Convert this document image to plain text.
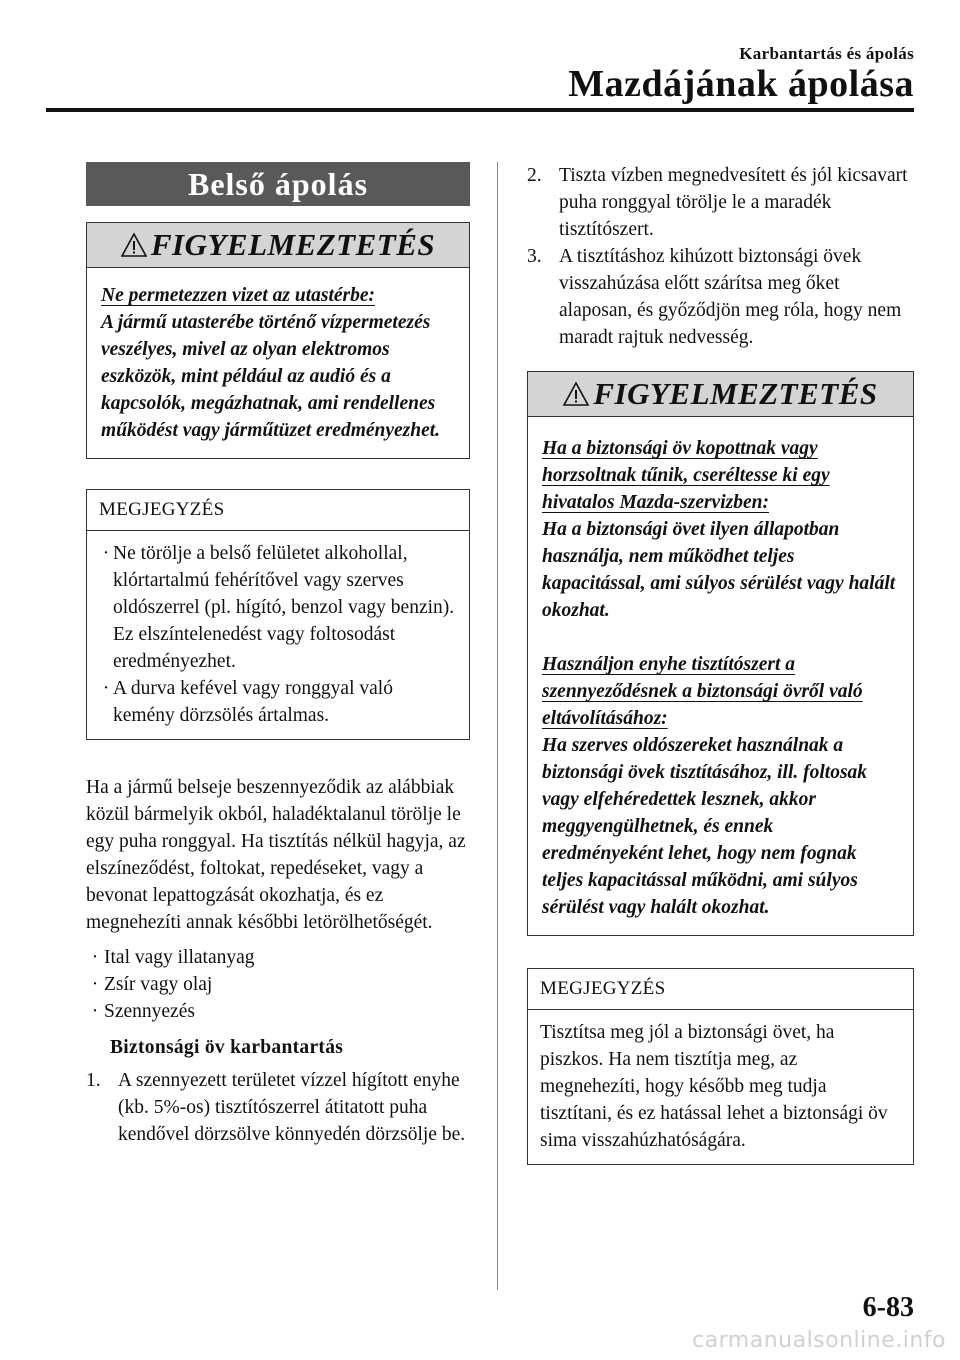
Karbantartás és ápolás
Mazdájának ápolása
Belső ápolás
FIGYELMEZTETÉS

Ne permetezzen vizet az utastérbe:

A jármű utasterébe történő vízpermetezés veszélyes, mivel az olyan elektromos eszközök, mint például az audió és a kapcsolók, megázhatnak, ami rendellenes működést vagy járműtüzet eredményezhet.

MEGJEGYZÉS
· Ne törölje a belső felületet alkohollal, klórtartalmú fehérítővel vagy szerves oldószerrel (pl. hígító, benzol vagy benzin). Ez elszíntelenedést vagy foltosodást eredményezhet.
· A durva kefével vagy ronggyal való kemény dörzsölés ártalmas.

Ha a jármű belseje beszennyeződik az alábbiak közül bármelyik okból, haladéktalanul törölje le egy puha ronggyal. Ha tisztítás nélkül hagyja, az elszíneződést, foltokat, repedéseket, vagy a bevonat lepattogzását okozhatja, és ez megnehezíti annak későbbi letörölhetőségét.

· Ital vagy illatanyag
· Zsír vagy olaj
· Szennyezés
Biztonsági öv karbantartás
1. A szennyezett területet vízzel hígított enyhe (kb. 5%-os) tisztítószerrel átitatott puha kendővel dörzsölve könnyedén dörzsölje be.
2. Tiszta vízben megnedvesített és jól kicsavart puha ronggyal törölje le a maradék tisztítószert.
3. A tisztításhoz kihúzott biztonsági övek visszahúzása előtt szárítsa meg őket alaposan, és győződjön meg róla, hogy nem maradt rajtuk nedvesség.
FIGYELMEZTETÉS

Ha a biztonsági öv kopottnak vagy horzsoltnak tűnik, cseréltesse ki egy hivatalos Mazda-szervizben:

Ha a biztonsági övet ilyen állapotban használja, nem működhet teljes kapacitással, ami súlyos sérülést vagy halált okozhat.

Használjon enyhe tisztítószert a szennyeződésnek a biztonsági övről való eltávolításához:

Ha szerves oldószereket használnak a biztonsági övek tisztításához, ill. foltosak vagy elfehéredettek lesznek, akkor meggyengülhetnek, és ennek eredményeként lehet, hogy nem fognak teljes kapacitással működni, ami súlyos sérülést vagy halált okozhat.

MEGJEGYZÉS
Tisztítsa meg jól a biztonsági övet, ha piszkos. Ha nem tisztítja meg, az megnehezíti, hogy később meg tudja tisztítani, és ez hatással lehet a biztonsági öv sima visszahúzhatóságára.
6-83
carmanualsonline.info
